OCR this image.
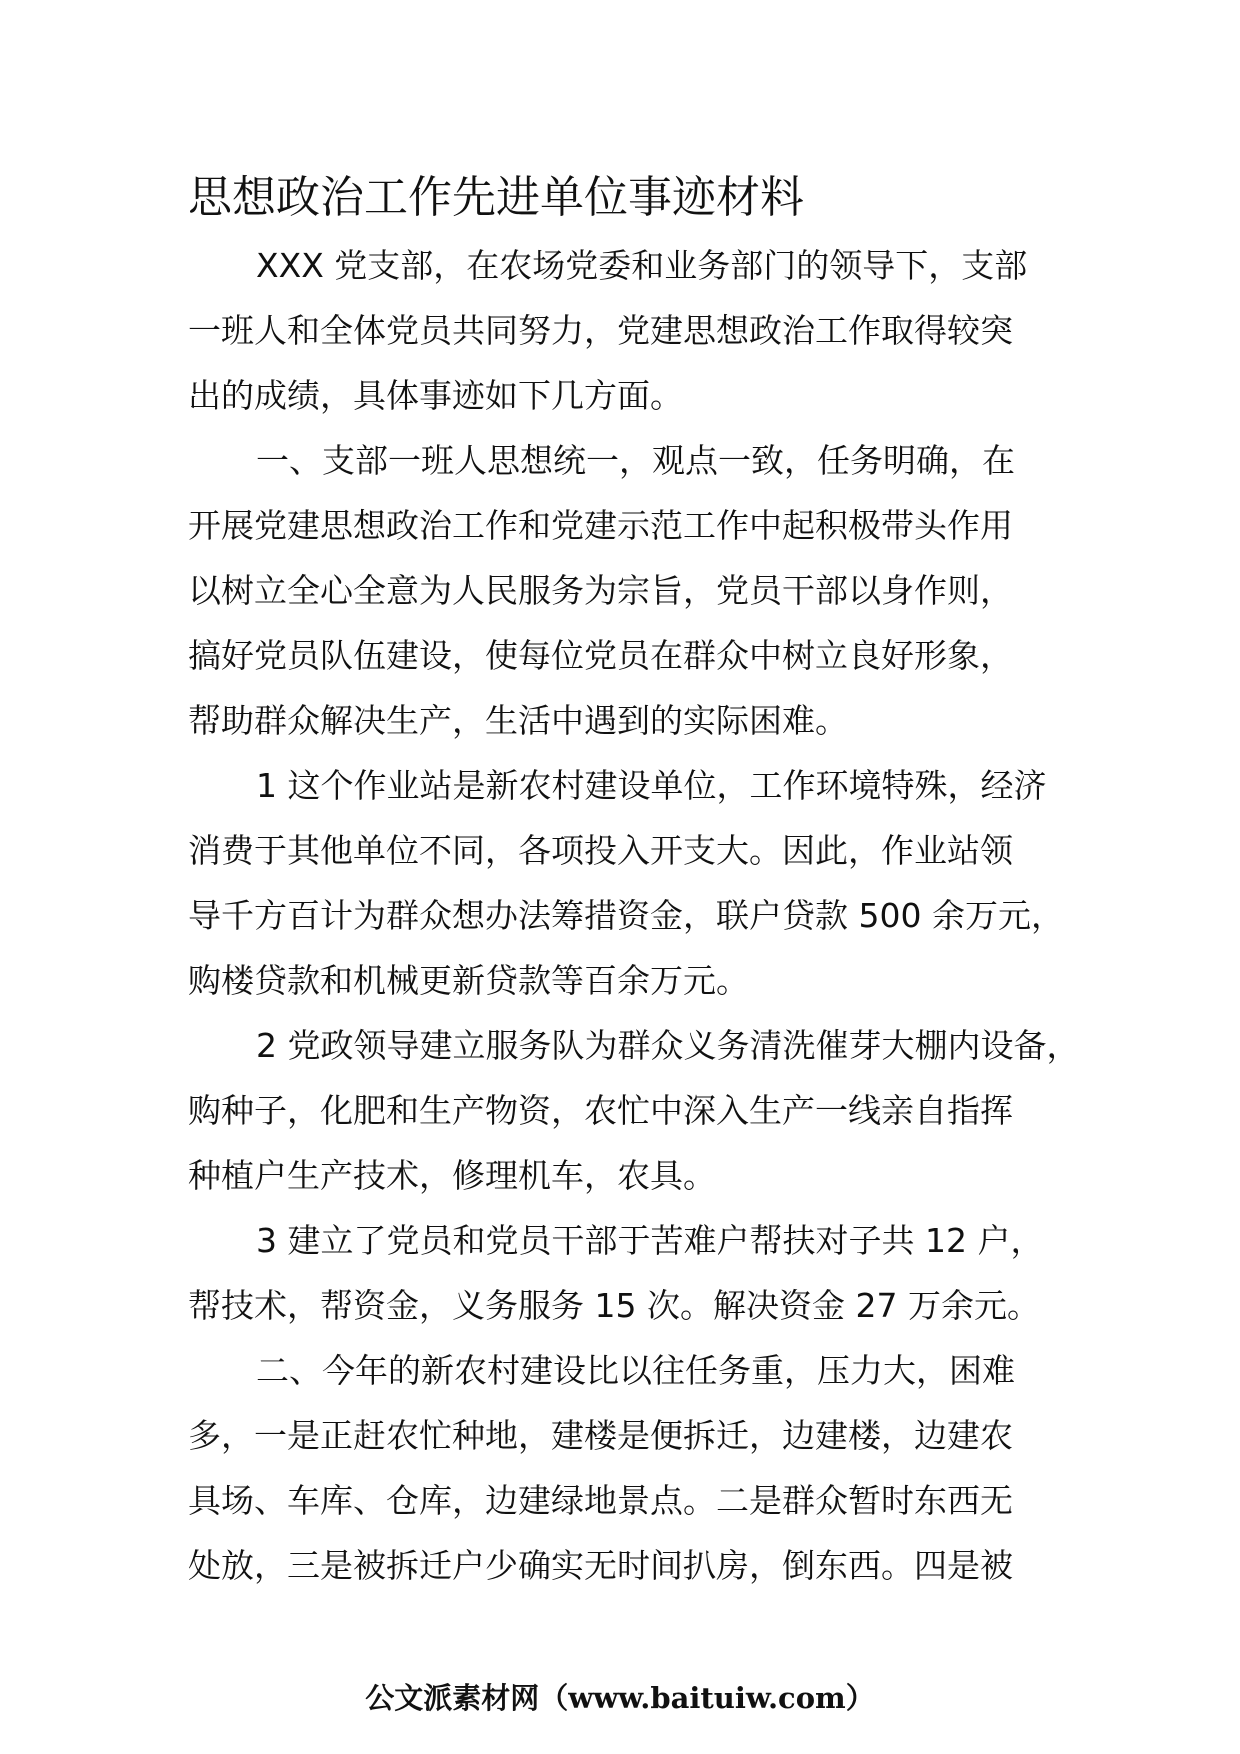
思想政治工作先进单位事迹材料
XXX 党支部，在农场党委和业务部门的领导下，支部
一班人和全体党员共同努力，党建思想政治工作取得较突
出的成绩，具体事迹如下几方面。
一、支部一班人思想统一，观点一致，任务明确，在
开展党建思想政治工作和党建示范工作中起积极带头作用
以树立全心全意为人民服务为宗旨，党员干部以身作则，
搞好党员队伍建设，使每位党员在群众中树立良好形象，
帮助群众解决生产，生活中遇到的实际困难。
1 这个作业站是新农村建设单位，工作环境特殊，经济
消费于其他单位不同，各项投入开支大。因此，作业站领
导千方百计为群众想办法筹措资金，联户贷款 500 余万元，
购楼贷款和机械更新贷款等百余万元。
2 党政领导建立服务队为群众义务清洗催芽大棚内设备，
购种子，化肥和生产物资，农忙中深入生产一线亲自指挥
种植户生产技术，修理机车，农具。
3 建立了党员和党员干部于苦难户帮扶对子共 12 户，
帮技术，帮资金，义务服务 15 次。解决资金 27 万余元。
二、今年的新农村建设比以往任务重，压力大，困难
多，一是正赶农忙种地，建楼是便拆迁，边建楼，边建农
具场、车库、仓库，边建绿地景点。二是群众暂时东西无
处放，三是被拆迁户少确实无时间扒房，倒东西。四是被
公文派素材网（www.baituiw.com）
